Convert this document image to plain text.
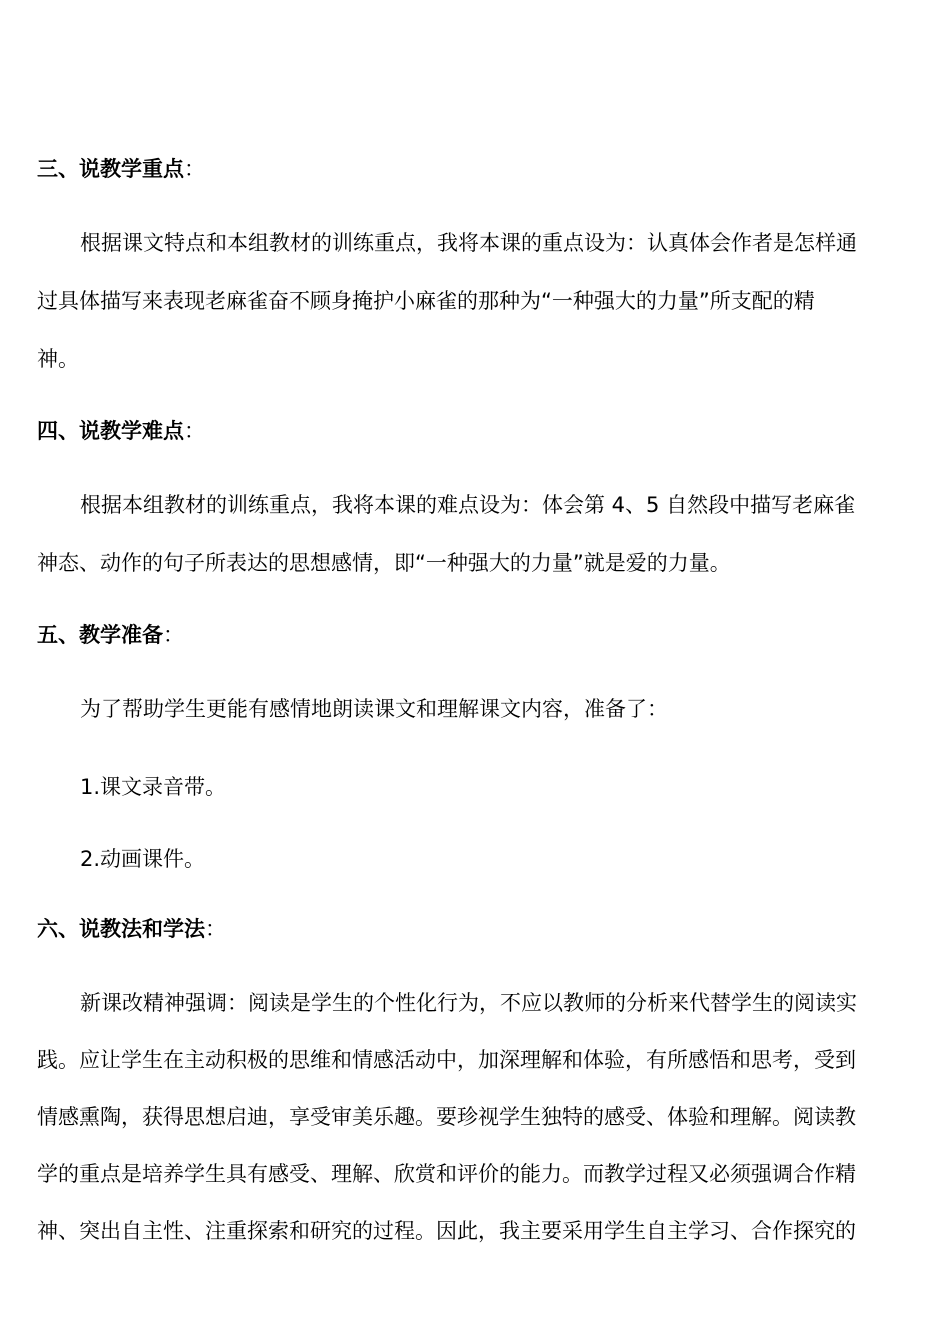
三、说教学重点：
根据课文特点和本组教材的训练重点，我将本课的重点设为：认真体会作者是怎样通
过具体描写来表现老麻雀奋不顾身掩护小麻雀的那种为“一种强大的力量”所支配的精
神。
四、说教学难点：
根据本组教材的训练重点，我将本课的难点设为：体会第 4、5 自然段中描写老麻雀
神态、动作的句子所表达的思想感情，即“一种强大的力量”就是爱的力量。
五、教学准备：
为了帮助学生更能有感情地朗读课文和理解课文内容，准备了：
1.课文录音带。
2.动画课件。
六、说教法和学法：
新课改精神强调：阅读是学生的个性化行为，不应以教师的分析来代替学生的阅读实
践。应让学生在主动积极的思维和情感活动中，加深理解和体验，有所感悟和思考，受到
情感熏陶，获得思想启迪，享受审美乐趣。要珍视学生独特的感受、体验和理解。阅读教
学的重点是培养学生具有感受、理解、欣赏和评价的能力。而教学过程又必须强调合作精
神、突出自主性、注重探索和研究的过程。因此，我主要采用学生自主学习、合作探究的
